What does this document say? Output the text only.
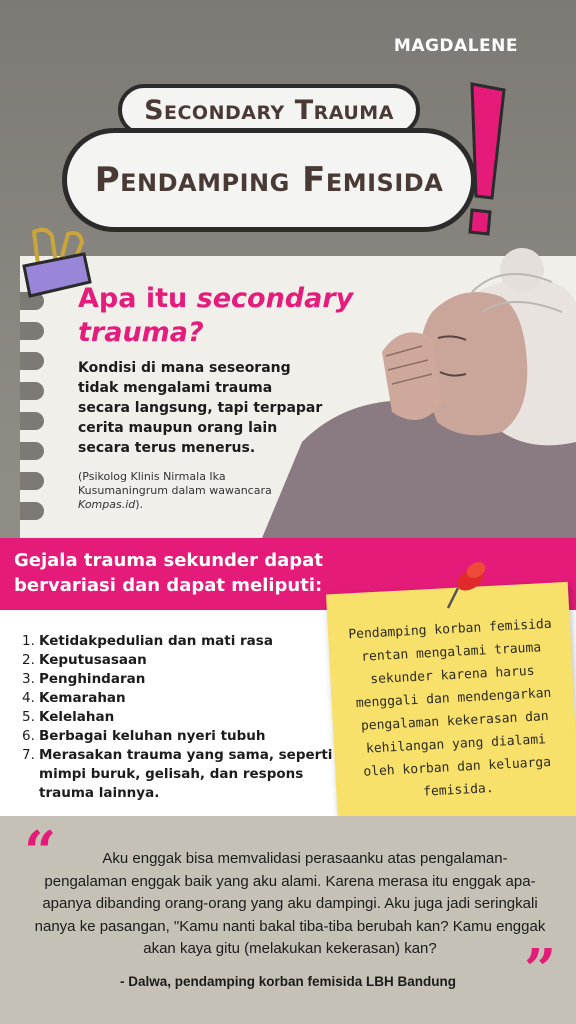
MAGDALENE
Secondary Trauma
Pendamping Femisida
Apa itu secondary trauma?
Kondisi di mana seseorang tidak mengalami trauma secara langsung, tapi terpapar cerita maupun orang lain secara terus menerus.
(Psikolog Klinis Nirmala Ika Kusumaningrum dalam wawancara Kompas.id).
Gejala trauma sekunder dapat bervariasi dan dapat meliputi:
1. Ketidakpedulian dan mati rasa
2. Keputusasaan
3. Penghindaran
4. Kemarahan
5. Kelelahan
6. Berbagai keluhan nyeri tubuh
7. Merasakan trauma yang sama, seperti mimpi buruk, gelisah, dan respons trauma lainnya.
Pendamping korban femisida rentan mengalami trauma sekunder karena harus menggali dan mendengarkan pengalaman kekerasan dan kehilangan yang dialami oleh korban dan keluarga femisida.
“	Aku enggak bisa memvalidasi perasaanku atas pengalaman-pengalaman enggak baik yang aku alami. Karena merasa itu enggak apa-apanya dibanding orang-orang yang aku dampingi. Aku juga jadi seringkali nanya ke pasangan, "Kamu nanti bakal tiba-tiba berubah kan? Kamu enggak akan kaya gitu (melakukan kekerasan) kan?	”
- Dalwa, pendamping korban femisida LBH Bandung
